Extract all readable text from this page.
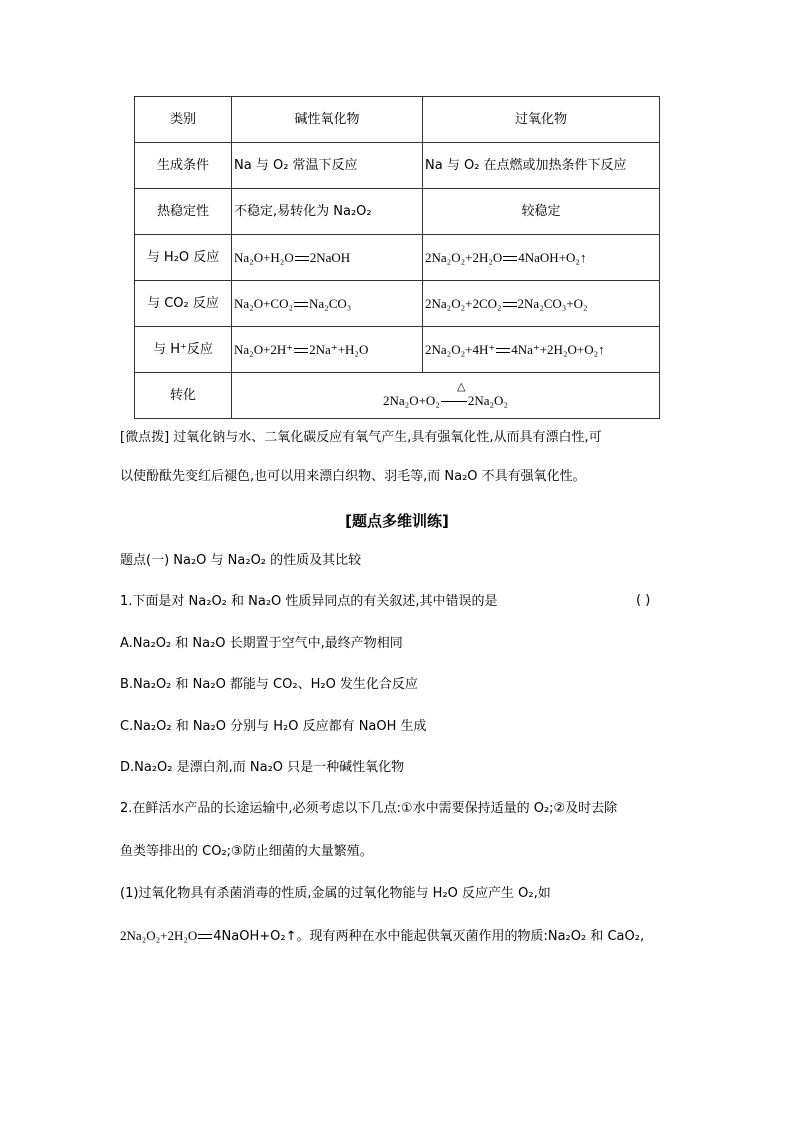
类别	碱性氧化物	过氧化物
生成条件	Na 与 O₂ 常温下反应	Na 与 O₂ 在点燃或加热条件下反应
热稳定性	不稳定,易转化为 Na₂O₂	较稳定
与 H₂O 反应	Na₂O+H₂O 2NaOH	2Na₂O₂+2H₂O 4NaOH+O₂↑
与 CO₂ 反应	Na₂O+CO₂ Na₂CO₃	2Na₂O₂+2CO₂ 2Na₂CO₃+O₂
与 H⁺反应	Na₂O+2H⁺ 2Na⁺+H₂O	2Na₂O₂+4H⁺ 4Na⁺+2H₂O+O₂↑
转化	2Na₂O+O₂ 2Na₂O₂
△	
[微点拨] 过氧化钠与水、二氧化碳反应有氧气产生,具有强氧化性,从而具有漂白性,可
以使酚酞先变红后褪色,也可以用来漂白织物、羽毛等,而 Na₂O 不具有强氧化性。
[题点多维训练]
题点(一) Na₂O 与 Na₂O₂ 的性质及其比较
1.下面是对 Na₂O₂ 和 Na₂O 性质异同点的有关叙述,其中错误的是	( )
A.Na₂O₂ 和 Na₂O 长期置于空气中,最终产物相同
B.Na₂O₂ 和 Na₂O 都能与 CO₂、H₂O 发生化合反应
C.Na₂O₂ 和 Na₂O 分别与 H₂O 反应都有 NaOH 生成
D.Na₂O₂ 是漂白剂,而 Na₂O 只是一种碱性氧化物
2.在鲜活水产品的长途运输中,必须考虑以下几点:①水中需要保持适量的 O₂;②及时去除
鱼类等排出的 CO₂;③防止细菌的大量繁殖。
(1)过氧化物具有杀菌消毒的性质,金属的过氧化物能与 H₂O 反应产生 O₂,如
2Na₂O₂+2H₂O 4NaOH+O₂↑。现有两种在水中能起供氧灭菌作用的物质:Na₂O₂ 和 CaO₂,
